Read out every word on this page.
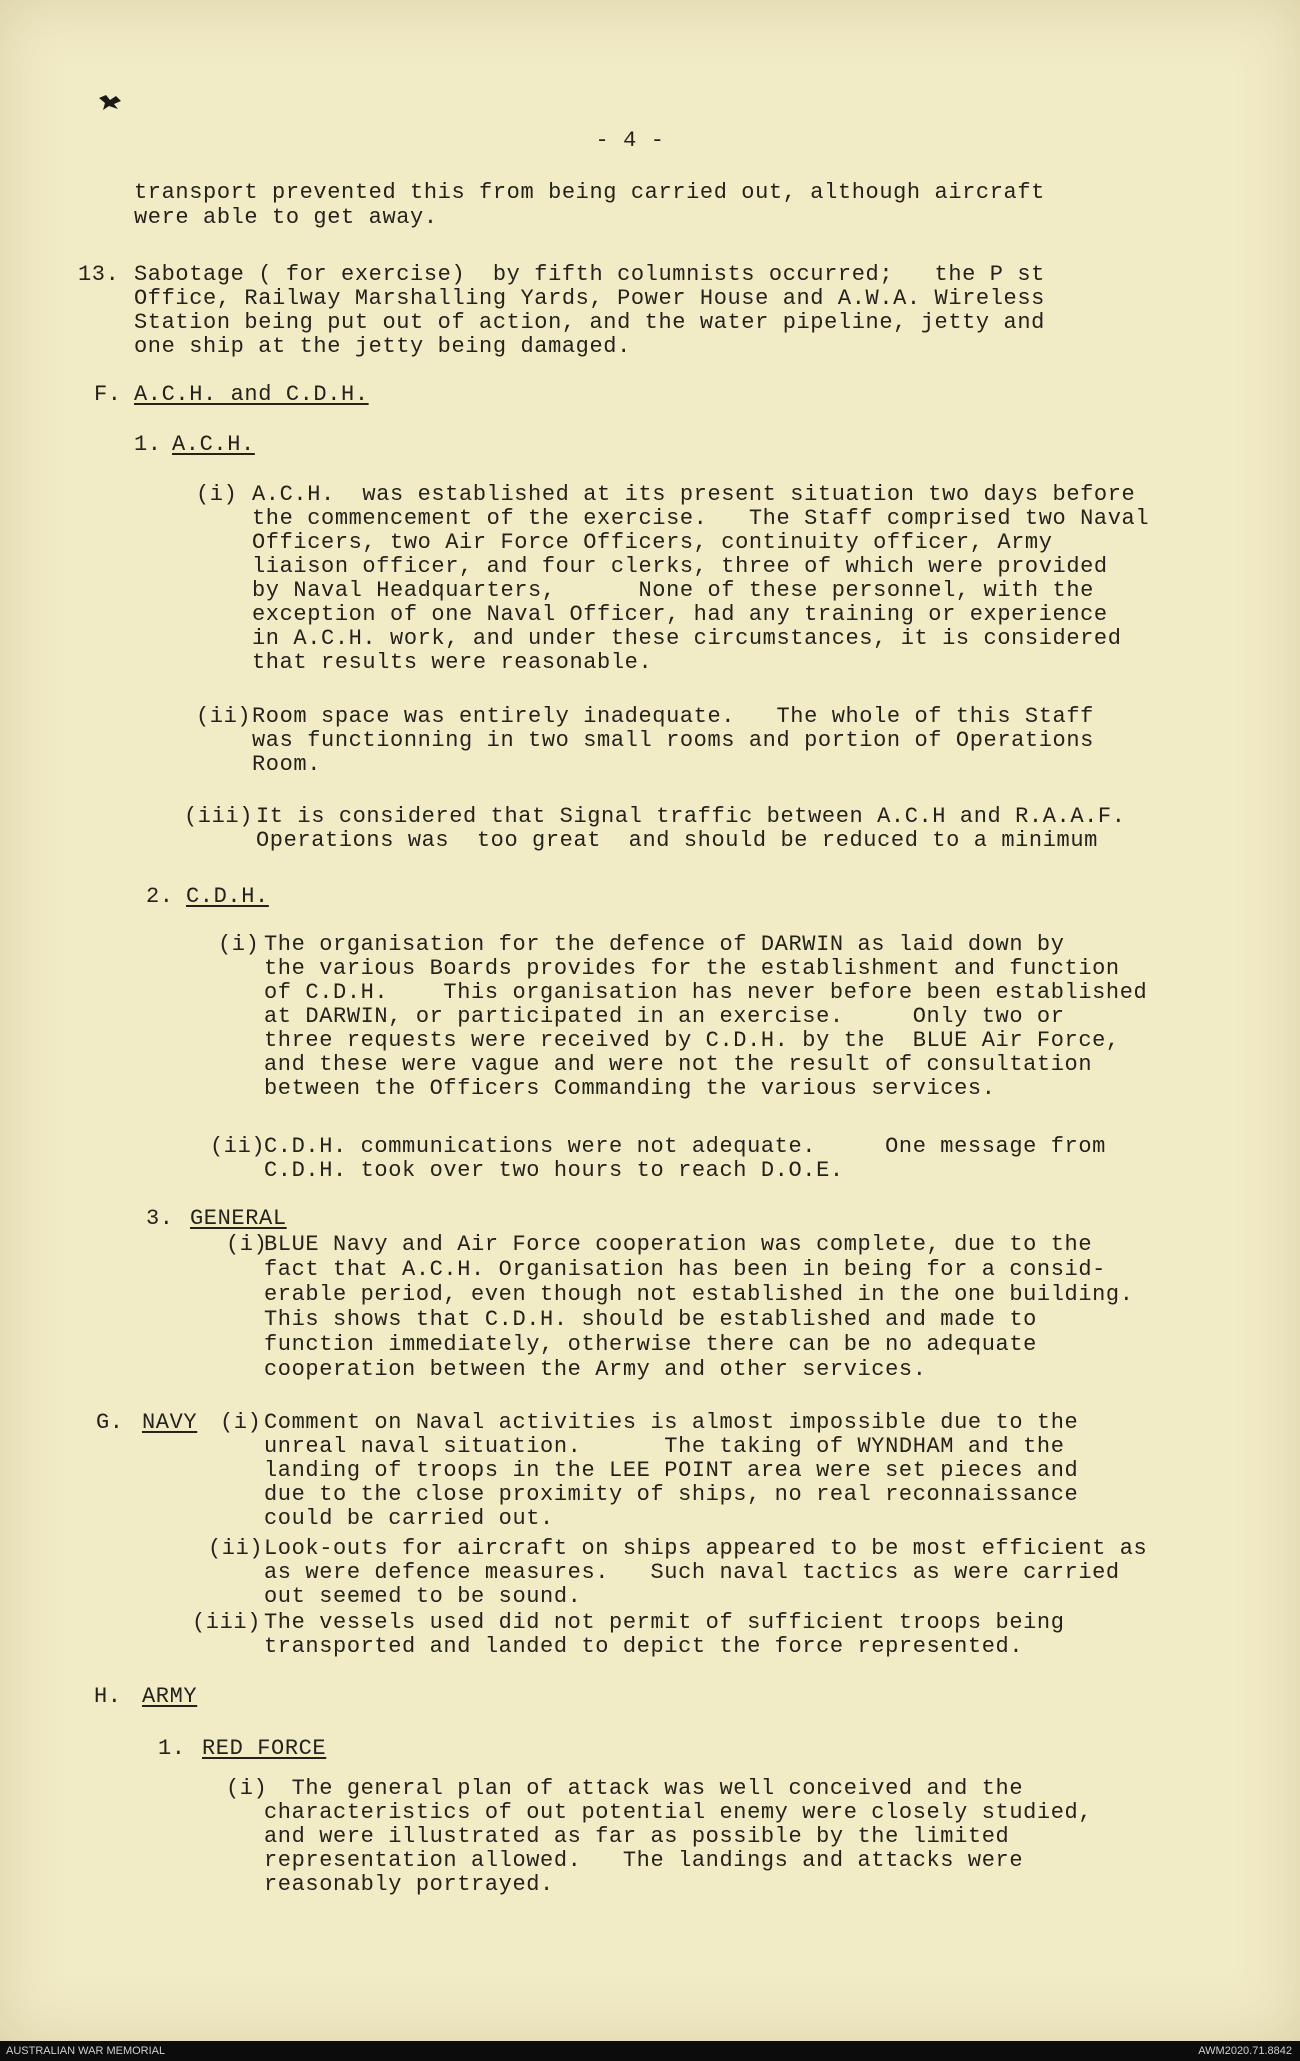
- 4 -
transport prevented this from being carried out, although aircraft
were able to get away.
13. Sabotage ( for exercise)  by fifth columnists occurred;   the P st
Office, Railway Marshalling Yards, Power House and A.W.A. Wireless
Station being put out of action, and the water pipeline, jetty and
one ship at the jetty being damaged.
F. A.C.H. and C.D.H.
1. A.C.H.
(i) A.C.H.  was established at its present situation two days before
the commencement of the exercise.   The Staff comprised two Naval
Officers, two Air Force Officers, continuity officer, Army
liaison officer, and four clerks, three of which were provided
by Naval Headquarters,      None of these personnel, with the
exception of one Naval Officer, had any training or experience
in A.C.H. work, and under these circumstances, it is considered
that results were reasonable.
(ii) Room space was entirely inadequate.   The whole of this Staff
was functionning in two small rooms and portion of Operations
Room.
(iii) It is considered that Signal traffic between A.C.H and R.A.A.F.
Operations was  too great  and should be reduced to a minimum
2. C.D.H.
(i) The organisation for the defence of DARWIN as laid down by
the various Boards provides for the establishment and function
of C.D.H.    This organisation has never before been established
at DARWIN, or participated in an exercise.     Only two or
three requests were received by C.D.H. by the  BLUE Air Force,
and these were vague and were not the result of consultation
between the Officers Commanding the various services.
(ii)
C.D.H. communications were not adequate.     One message from
C.D.H. took over two hours to reach D.O.E.
3. GENERAL
(i)
BLUE Navy and Air Force cooperation was complete, due to the
fact that A.C.H. Organisation has been in being for a consid-
erable period, even though not established in the one building.
This shows that C.D.H. should be established and made to
function immediately, otherwise there can be no adequate
cooperation between the Army and other services.
G. NAVY (i) Comment on Naval activities is almost impossible due to the
unreal naval situation.      The taking of WYNDHAM and the
landing of troops in the LEE POINT area were set pieces and
due to the close proximity of ships, no real reconnaissance
could be carried out.
(ii) Look-outs for aircraft on ships appeared to be most efficient as
as were defence measures.   Such naval tactics as were carried
out seemed to be sound.
(iii) The vessels used did not permit of sufficient troops being
transported and landed to depict the force represented.
H. ARMY
1. RED FORCE
(i)
The general plan of attack was well conceived and the
characteristics of out potential enemy were closely studied,
and were illustrated as far as possible by the limited
representation allowed.   The landings and attacks were
reasonably portrayed.
AUSTRALIAN WAR MEMORIAL	AWM2020.71.8842
